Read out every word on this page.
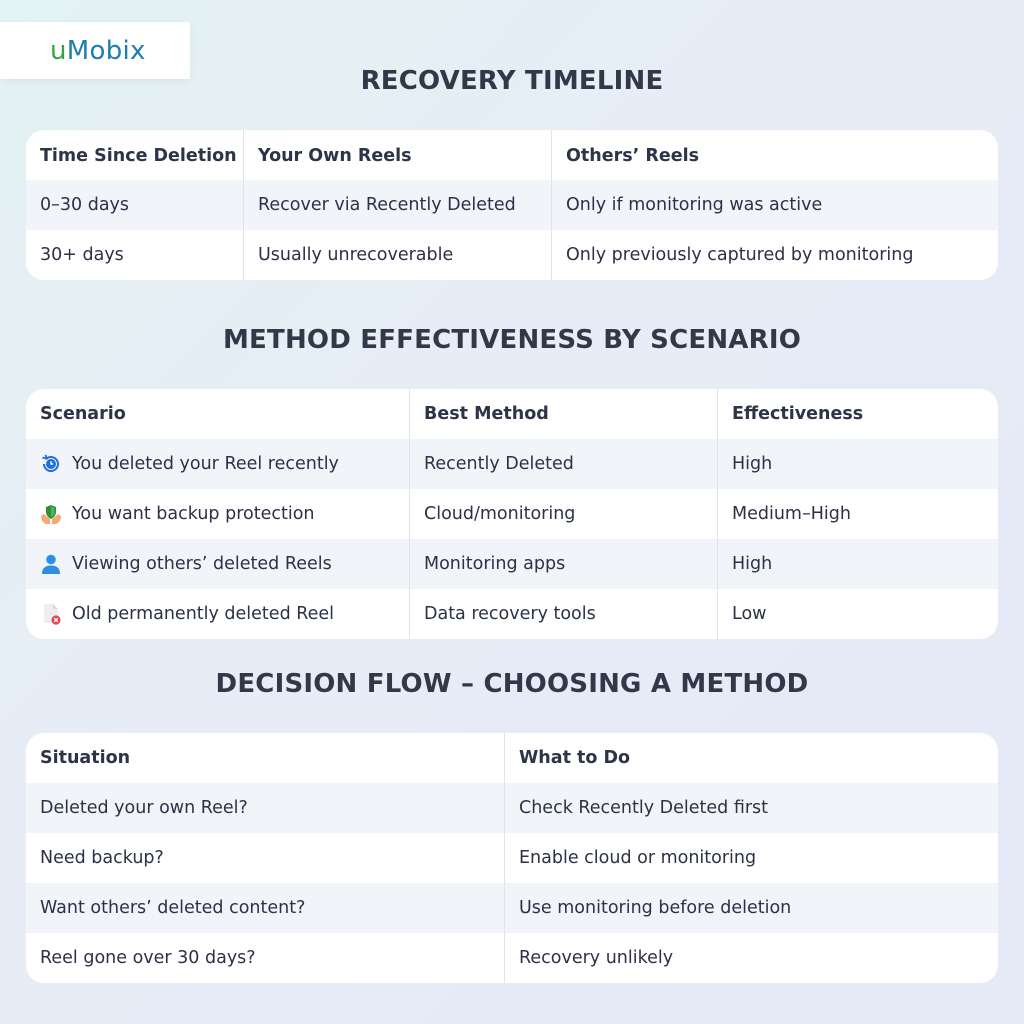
u Mobix
RECOVERY TIMELINE
Time Since Deletion	Your Own Reels	Others’ Reels
0–30 days	Recover via Recently Deleted	Only if monitoring was active
30+ days	Usually unrecoverable	Only previously captured by monitoring
METHOD EFFECTIVENESS BY SCENARIO
Scenario	Best Method	Effectiveness
You deleted your Reel recently	Recently Deleted	High
You want backup protection	Cloud/monitoring	Medium–High
Viewing others’ deleted Reels	Monitoring apps	High
Old permanently deleted Reel	Data recovery tools	Low
DECISION FLOW – CHOOSING A METHOD
Situation	What to Do
Deleted your own Reel?	Check Recently Deleted first
Need backup?	Enable cloud or monitoring
Want others’ deleted content?	Use monitoring before deletion
Reel gone over 30 days?	Recovery unlikely
